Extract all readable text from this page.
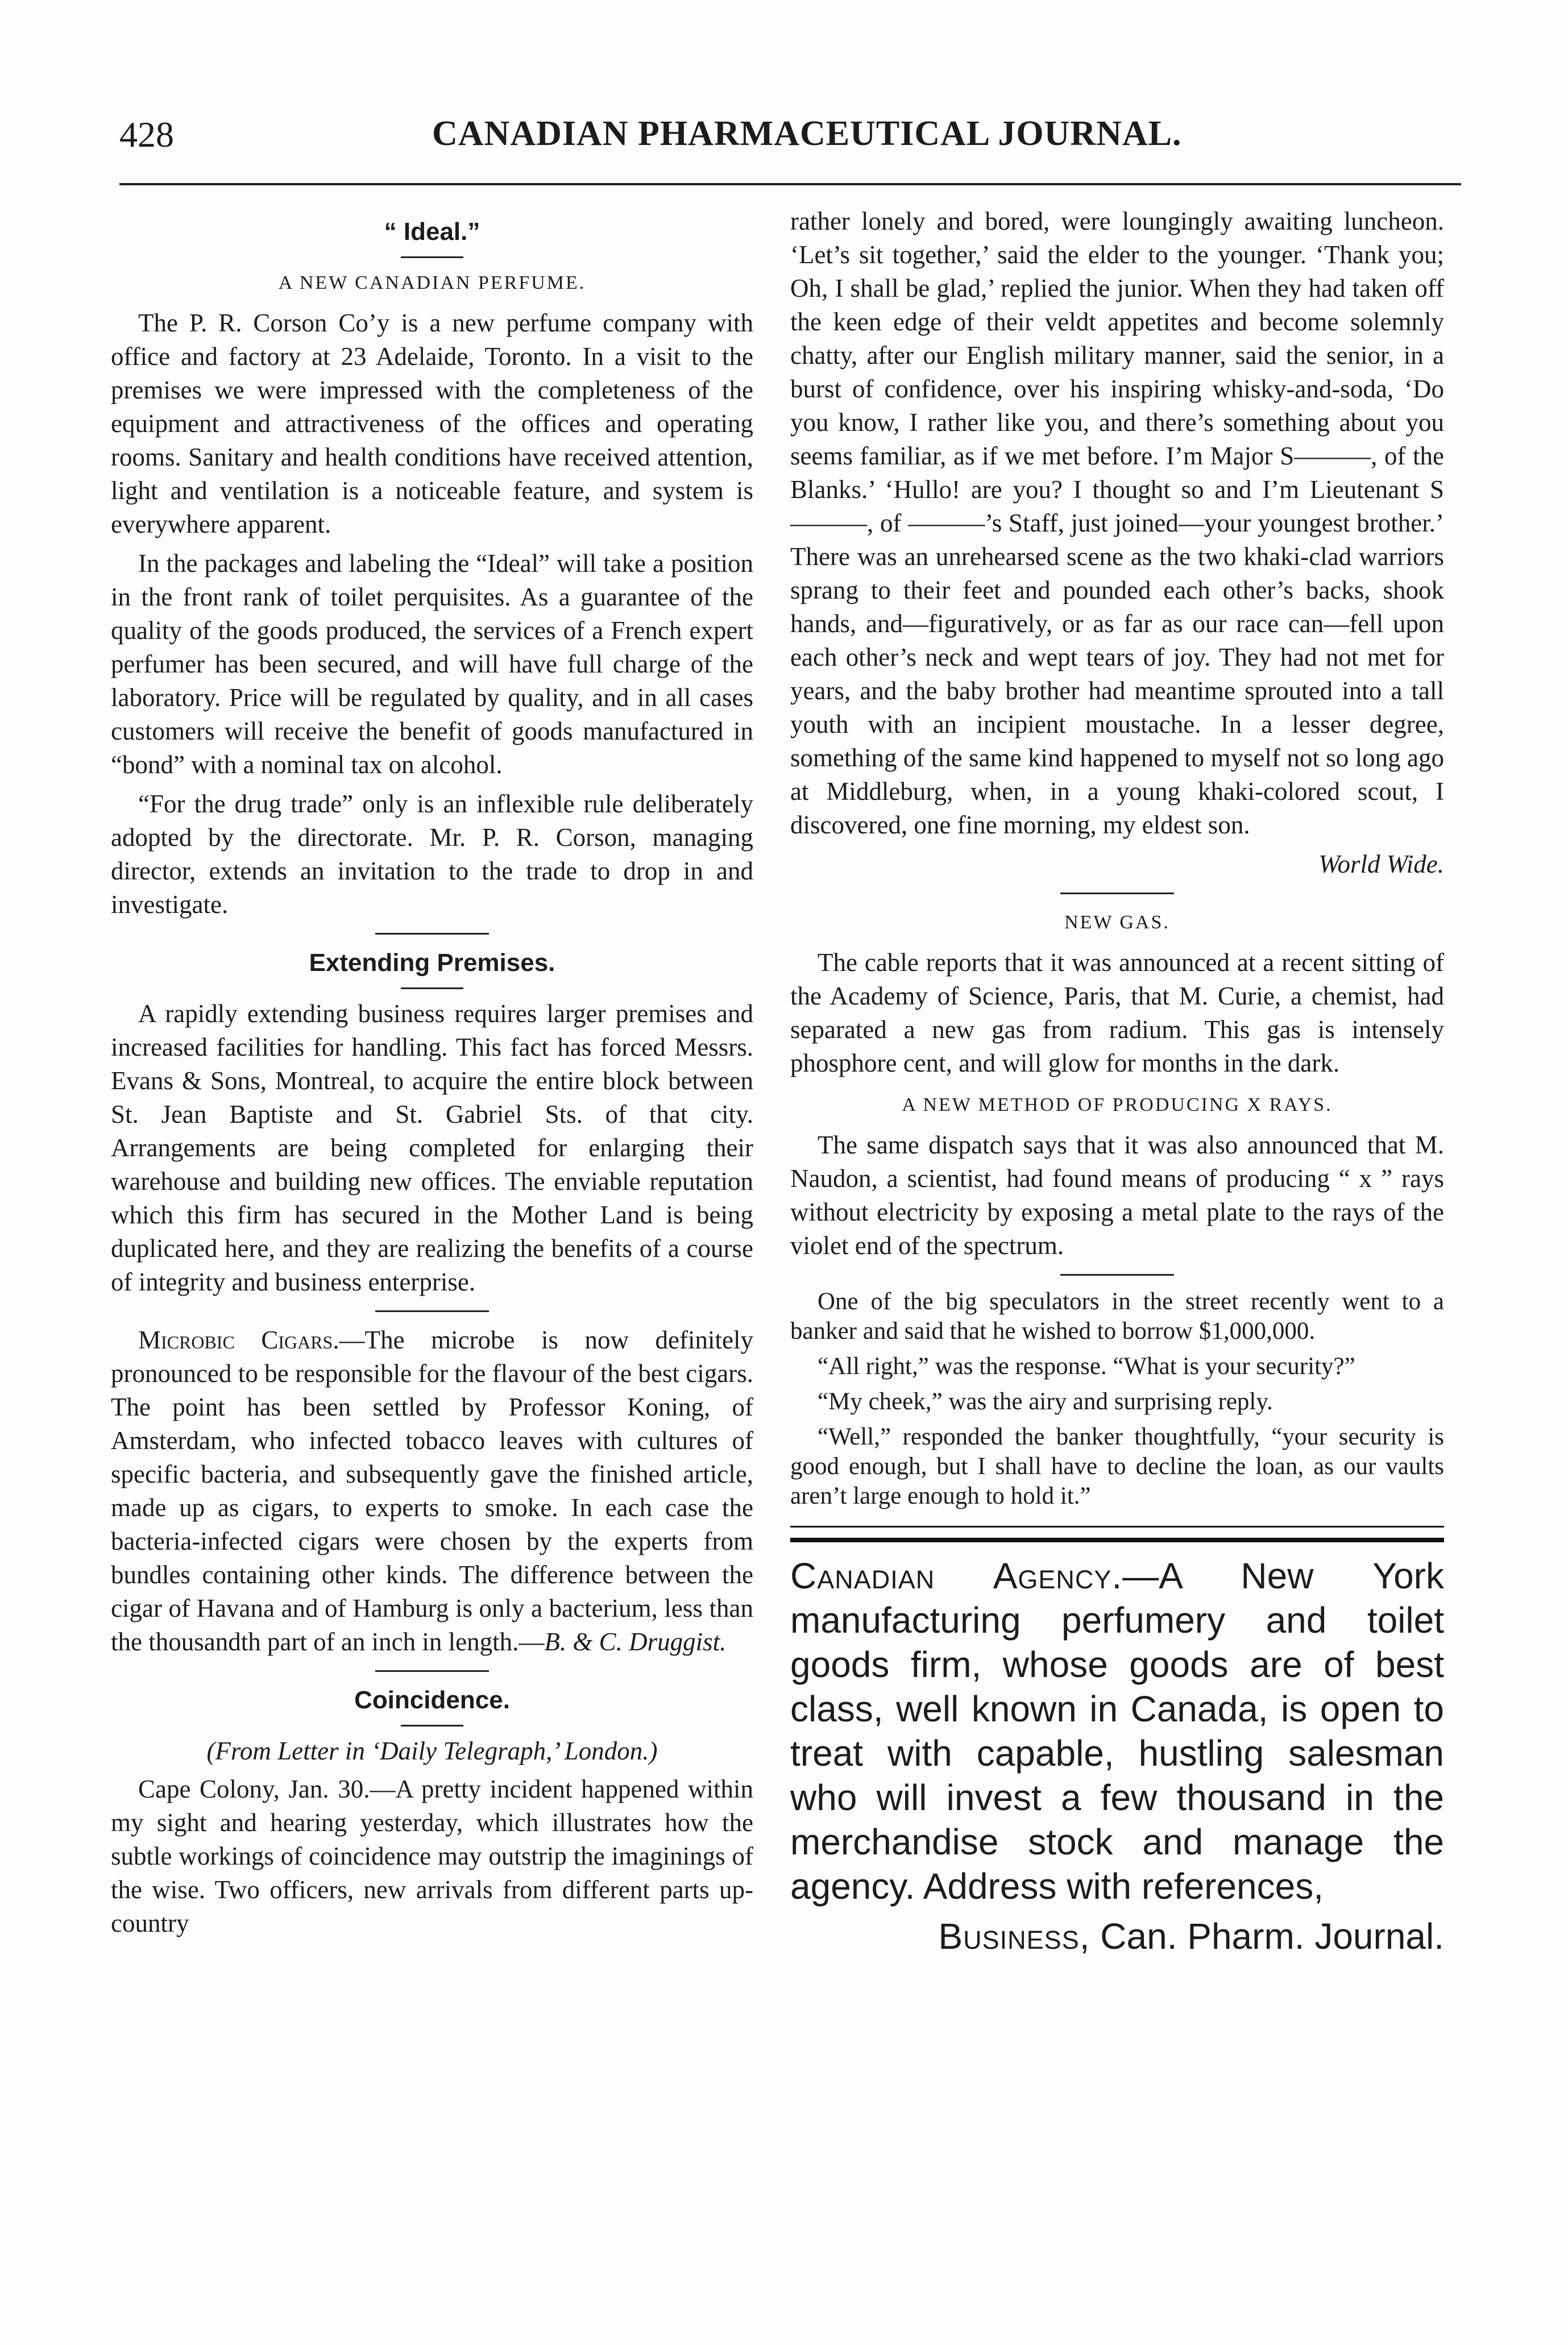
428	CANADIAN PHARMACEUTICAL JOURNAL.
“ Ideal.”
A NEW CANADIAN PERFUME.

The P. R. Corson Co’y is a new perfume company with office and factory at 23 Adelaide, Toronto. In a visit to the premises we were impressed with the completeness of the equipment and attractiveness of the offices and operating rooms. Sanitary and health conditions have received attention, light and ventilation is a noticeable feature, and system is everywhere apparent.

In the packages and labeling the “Ideal” will take a position in the front rank of toilet perquisites. As a guarantee of the quality of the goods produced, the services of a French expert perfumer has been secured, and will have full charge of the laboratory. Price will be regulated by quality, and in all cases customers will receive the benefit of goods manufactured in “bond” with a nominal tax on alcohol.

“For the drug trade” only is an inflexible rule deliberately adopted by the directorate. Mr. P. R. Corson, managing director, extends an invitation to the trade to drop in and investigate.

Extending Premises.

A rapidly extending business requires larger premises and increased facilities for handling. This fact has forced Messrs. Evans & Sons, Montreal, to acquire the entire block between St. Jean Baptiste and St. Gabriel Sts. of that city. Arrangements are being completed for enlarging their warehouse and building new offices. The enviable reputation which this firm has secured in the Mother Land is being duplicated here, and they are realizing the benefits of a course of integrity and business enterprise.

Microbic Cigars.—The microbe is now definitely pronounced to be responsible for the flavour of the best cigars. The point has been settled by Professor Koning, of Amsterdam, who infected tobacco leaves with cultures of specific bacteria, and subsequently gave the finished article, made up as cigars, to experts to smoke. In each case the bacteria-infected cigars were chosen by the experts from bundles containing other kinds. The difference between the cigar of Havana and of Hamburg is only a bacterium, less than the thousandth part of an inch in length.—B. & C. Druggist.

Coincidence.

(From Letter in ‘Daily Telegraph,’ London.)

Cape Colony, Jan. 30.—A pretty incident happened within my sight and hearing yesterday, which illustrates how the subtle workings of coincidence may outstrip the imaginings of the wise. Two officers, new arrivals from different parts up-country

rather lonely and bored, were loungingly awaiting luncheon. ‘Let’s sit together,’ said the elder to the younger. ‘Thank you; Oh, I shall be glad,’ replied the junior. When they had taken off the keen edge of their veldt appetites and become solemnly chatty, after our English military manner, said the senior, in a burst of confidence, over his inspiring whisky-and-soda, ‘Do you know, I rather like you, and there’s something about you seems familiar, as if we met before. I’m Major S———, of the Blanks.’ ‘Hullo! are you? I thought so and I’m Lieutenant S———, of ———’s Staff, just joined—your youngest brother.’ There was an unrehearsed scene as the two khaki-clad warriors sprang to their feet and pounded each other’s backs, shook hands, and—figuratively, or as far as our race can—fell upon each other’s neck and wept tears of joy. They had not met for years, and the baby brother had meantime sprouted into a tall youth with an incipient moustache. In a lesser degree, something of the same kind happened to myself not so long ago at Middleburg, when, in a young khaki-colored scout, I discovered, one fine morning, my eldest son.

World Wide.

NEW GAS.

The cable reports that it was announced at a recent sitting of the Academy of Science, Paris, that M. Curie, a chemist, had separated a new gas from radium. This gas is intensely phosphore cent, and will glow for months in the dark.

A NEW METHOD OF PRODUCING X RAYS.

The same dispatch says that it was also announced that M. Naudon, a scientist, had found means of producing “ x ” rays without electricity by exposing a metal plate to the rays of the violet end of the spectrum.

One of the big speculators in the street recently went to a banker and said that he wished to borrow $1,000,000.

“All right,” was the response. “What is your security?”

“My cheek,” was the airy and surprising reply.

“Well,” responded the banker thoughtfully, “your security is good enough, but I shall have to decline the loan, as our vaults aren’t large enough to hold it.”

Canadian Agency.—A New York manufacturing perfumery and toilet goods firm, whose goods are of best class, well known in Canada, is open to treat with capable, hustling salesman who will invest a few thousand in the merchandise stock and manage the agency. Address with references,

Business, Can. Pharm. Journal.
